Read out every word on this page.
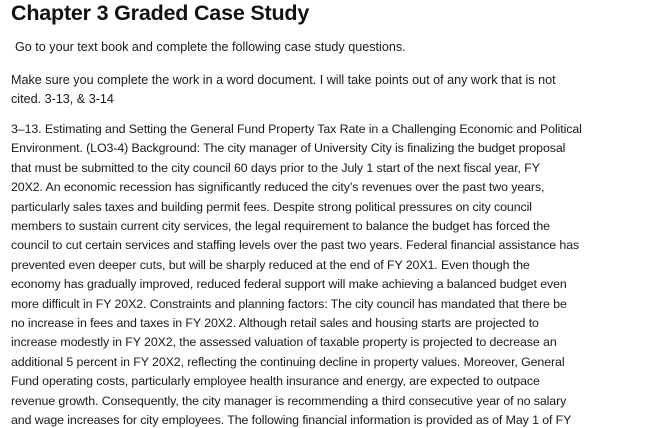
Chapter 3 Graded Case Study

Go to your text book and complete the following case study questions.

Make sure you complete the work in a word document. I will take points out of any work that is not
cited. 3-13, & 3-14

3–13. Estimating and Setting the General Fund Property Tax Rate in a Challenging Economic and Political
Environment. (LO3-4) Background: The city manager of University City is finalizing the budget proposal
that must be submitted to the city council 60 days prior to the July 1 start of the next fiscal year, FY
20X2. An economic recession has significantly reduced the city’s revenues over the past two years,
particularly sales taxes and building permit fees. Despite strong political pressures on city council
members to sustain current city services, the legal requirement to balance the budget has forced the
council to cut certain services and staffing levels over the past two years. Federal financial assistance has
prevented even deeper cuts, but will be sharply reduced at the end of FY 20X1. Even though the
economy has gradually improved, reduced federal support will make achieving a balanced budget even
more difficult in FY 20X2. Constraints and planning factors: The city council has mandated that there be
no increase in fees and taxes in FY 20X2. Although retail sales and housing starts are projected to
increase modestly in FY 20X2, the assessed valuation of taxable property is projected to decrease an
additional 5 percent in FY 20X2, reflecting the continuing decline in property values. Moreover, General
Fund operating costs, particularly employee health insurance and energy, are expected to outpace
revenue growth. Consequently, the city manager is recommending a third consecutive year of no salary
and wage increases for city employees. The following financial information is provided as of May 1 of FY
